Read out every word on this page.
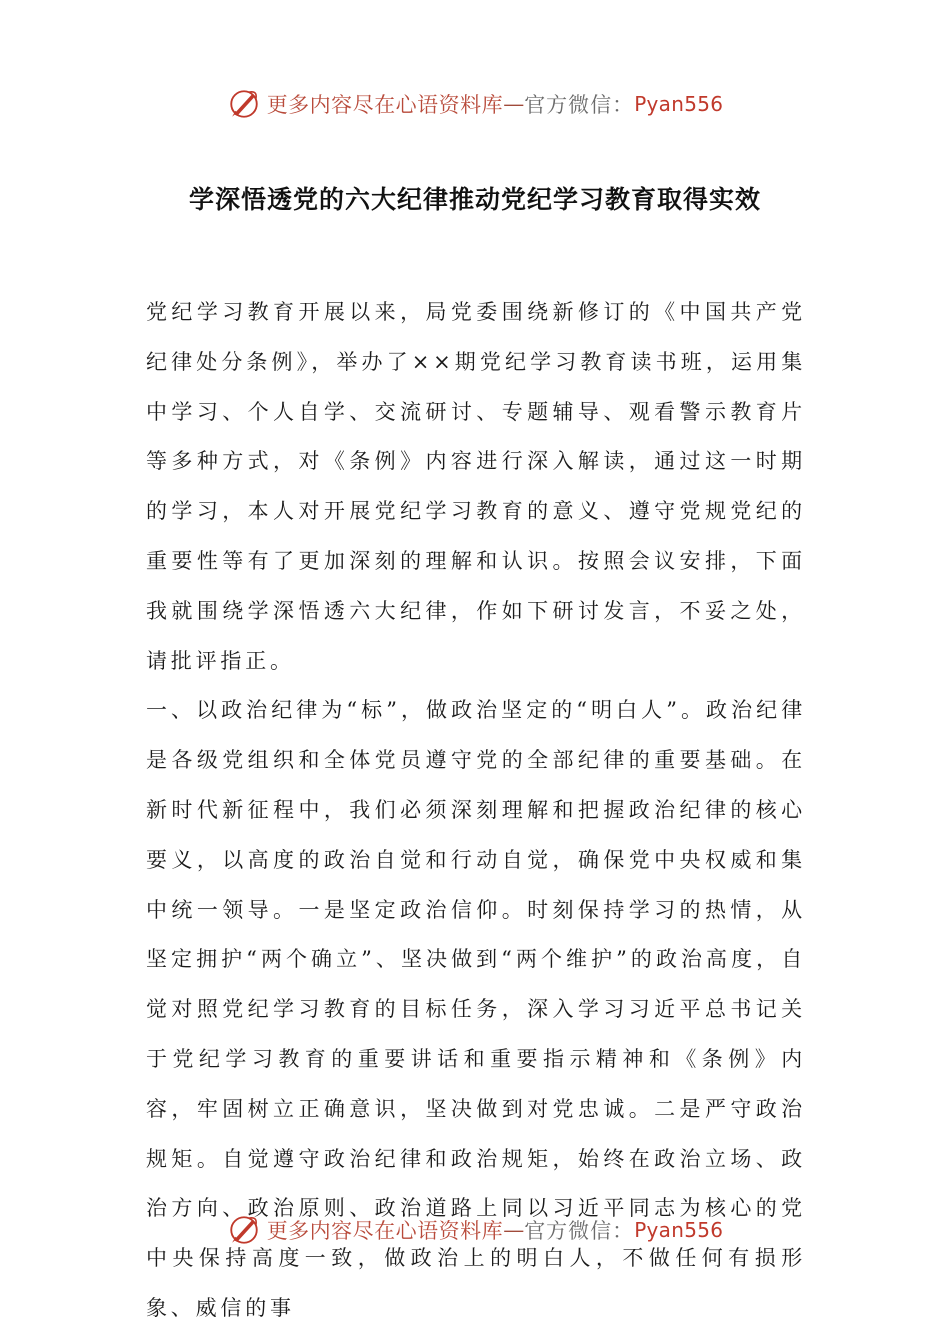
更多内容尽在心语资料库 — 官方微信： Pyan556
学深悟透党的六大纪律推动党纪学习教育取得实效

党纪学习教育开展以来，局党委围绕新修订的《中国共产党纪律处分条例》，举办了××期党纪学习教育读书班，运用集中学习、个人自学、交流研讨、专题辅导、观看警示教育片等多种方式，对《条例》内容进行深入解读，通过这一时期的学习，本人对开展党纪学习教育的意义、遵守党规党纪的重要性等有了更加深刻的理解和认识。按照会议安排，下面我就围绕学深悟透六大纪律，作如下研讨发言，不妥之处，请批评指正。

一、以政治纪律为“标”，做政治坚定的“明白人”。政治纪律是各级党组织和全体党员遵守党的全部纪律的重要基础。在新时代新征程中，我们必须深刻理解和把握政治纪律的核心要义，以高度的政治自觉和行动自觉，确保党中央权威和集中统一领导。一是坚定政治信仰。时刻保持学习的热情，从坚定拥护“两个确立”、坚决做到“两个维护”的政治高度，自觉对照党纪学习教育的目标任务，深入学习习近平总书记关于党纪学习教育的重要讲话和重要指示精神和《条例》内容，牢固树立正确意识，坚决做到对党忠诚。二是严守政治规矩。自觉遵守政治纪律和政治规矩，始终在政治立场、政治方向、政治原则、政治道路上同以习近平同志为核心的党中央保持高度一致，做政治上的明白人，不做任何有损形象、威信的事

更多内容尽在心语资料库 — 官方微信： Pyan556
